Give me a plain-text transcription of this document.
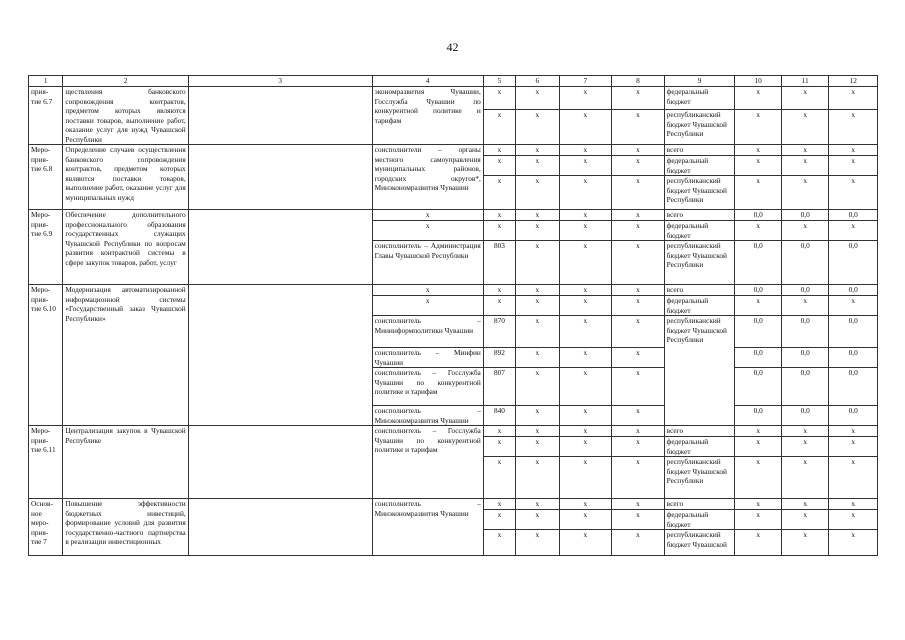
42
1	2	3	4	5	6	7	8	9	10	11	12
прия-
тие 6.7	ществления банковского сопровождения контрактов, предметом которых являются поставки товаров, выполнение работ, оказание услуг для нужд Чувашской Республики		экономразвития Чувашии, Госслужба Чувашии по конкурентной политике и тарифам	x	x	x	x	федеральный бюджет	x	x	x
				x	x	x	x	республиканский бюджет Чувашской Республики	x	x	x
Меро-
прия-
тие 6.8	Определение случаев осуществления банковского сопровождения контрактов, предметом которых являются поставки товаров, выполнение работ, оказание услуг для муниципальных нужд		соисполнители – органы местного самоуправления муниципальных районов, городских округов*, Минэкономразвития Чувашии	x	x	x	x	всего	x	x	x
				x	x	x	x	федеральный бюджет	x	x	x
				x	x	x	x	республиканский бюджет Чувашской Республики	x	x	x
Меро-
прия-
тие 6.9	Обеспечение дополнительного профессионального образования государственных служащих Чувашской Республики по вопросам развития контрактной системы в сфере закупок товаров, работ, услуг		x	x	x	x	x	всего	0,0	0,0	0,0
			x	x	x	x	x	федеральный бюджет	x	x	x
			соисполнитель – Администрация Главы Чувашской Республики	803	x	x	x	республиканский бюджет Чувашской Республики	0,0	0,0	0,0
Меро-
прия-
тие 6.10	Модернизация автоматизированной информационной системы «Государственный заказ Чувашской Республики»		x	x	x	x	x	всего	0,0	0,0	0,0
			x	x	x	x	x	федеральный бюджет	x	x	x
			соисполнитель – Мининформполитики Чувашии	870	x	x	x	республиканский бюджет Чувашской Республики	0,0	0,0	0,0
			соисполнитель – Минфин Чувашии	892	x	x	x		0,0	0,0	0,0
			соисполнитель – Госслужба Чувашии по конкурентной политике и тарифам	807	x	x	x		0,0	0,0	0,0
			соисполнитель – Минэкономразвития Чувашии	840	x	x	x		0,0	0,0	0,0
Меро-
прия-
тие 6.11	Централизация закупок в Чувашской Республике		соисполнитель – Госслужба Чувашии по конкурентной политике и тарифам	x	x	x	x	всего	x	x	x
				x	x	x	x	федеральный бюджет	x	x	x
				x	x	x	x	республиканский бюджет Чувашской Республики	x	x	x
Основ-
ное
меро-
прия-
тие 7	Повышение эффективности бюджетных инвестиций, формирование условий для развития государственно-частного партнерства в реализации инвестиционных		соисполнитель – Минэкономразвития Чувашии	x	x	x	x	всего	x	x	x
				x	x	x	x	федеральный бюджет	x	x	x
				x	x	x	x	республиканский бюджет Чувашской	x	x	x
